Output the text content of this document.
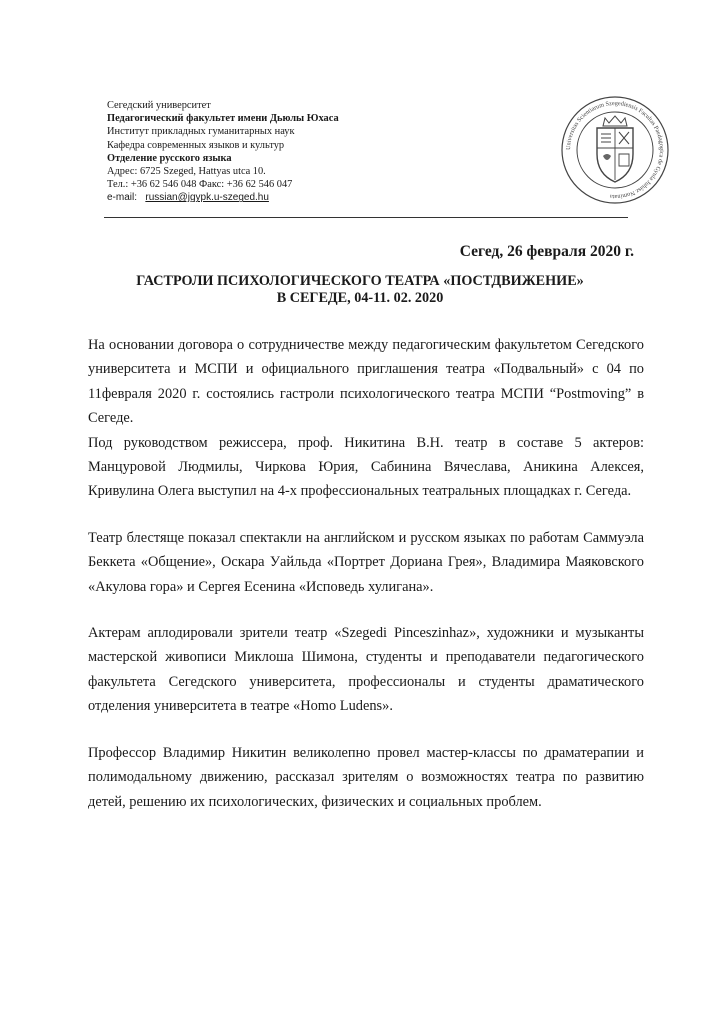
Сегедский университет
Педагогический факультет имени Дьюлы Юхаса
Институт прикладных гуманитарных наук
Кафедра современных языков и культур
Отделение русского языка
Адрес: 6725 Szeged, Hattyas utca 10.
Тел.: +36 62 546 048 Факс: +36 62 546 047
e-mail: russian@jgypk.u-szeged.hu
Universitas Scientiarum Szegediensis Facultas Paedagogica de Gyula Juhász Nominata
Сегед, 26 февраля 2020 г.
ГАСТРОЛИ ПСИХОЛОГИЧЕСКОГО ТЕАТРА «ПОСТДВИЖЕНИЕ»
В СЕГЕДЕ, 04-11. 02. 2020

На основании договора о сотрудничестве между педагогическим факультетом Сегедского университета и МСПИ и официального приглашения театра «Подвальный» с 04 по 11февраля 2020 г. состоялись гастроли психологического театра МСПИ “Postmoving” в Сегеде.

Под руководством режиссера, проф. Никитина В.Н. театр в составе 5 актеров: Манцуровой Людмилы, Чиркова Юрия, Сабинина Вячеслава, Аникина Алексея, Кривулина Олега выступил на 4-х профессиональных театральных площадках г. Сегеда.

Театр блестяще показал спектакли на английском и русском языках по работам Саммуэла Беккета «Общение», Оскара Уайльда «Портрет Дориана Грея», Владимира Маяковского «Акулова гора» и Сергея Есенина «Исповедь хулигана».

Актерам аплодировали зрители театр «Szegedi Pinceszinhaz», художники и музыканты мастерской живописи Миклоша Шимона, студенты и преподаватели педагогического факультета Сегедского университета, профессионалы и студенты драматического отделения университета в театре «Homo Ludens».

Профессор Владимир Никитин великолепно провел мастер-классы по драматерапии и полимодальному движению, рассказал зрителям о возможностях театра по развитию детей, решению их психологических, физических и социальных проблем.
